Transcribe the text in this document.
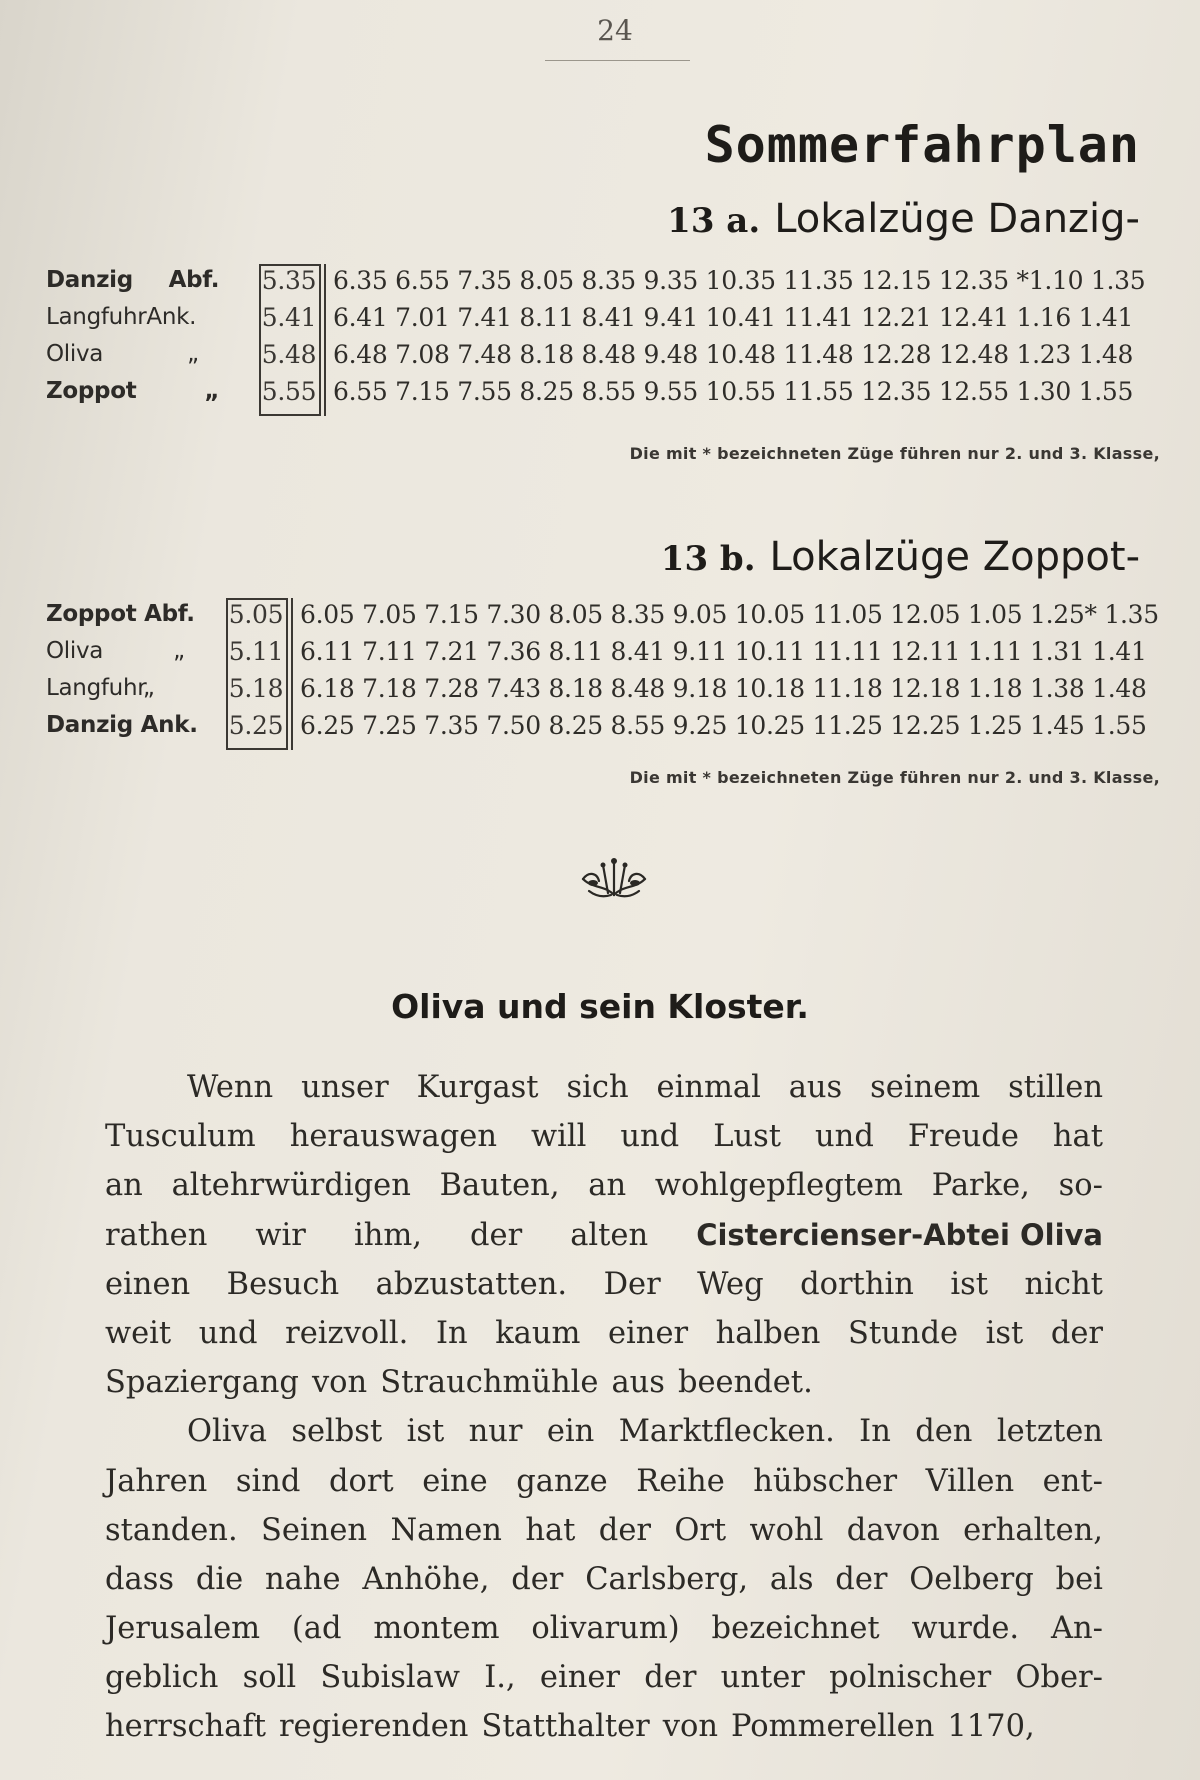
24
Sommerfahrplan
13 a. Lokalzüge Danzig-
Danzig Abf. 5.35 6.35 6.55 7.35 8.05 8.35 9.35 10.35 11.35 12.15 12.35 *1.10 1.35
LangfuhrAnk.	5.41 6.41 7.01 7.41 8.11 8.41 9.41 10.41 11.41 12.21 12.41 1.16 1.41
Oliva	„	5.48 6.48 7.08 7.48 8.18 8.48 9.48 10.48 11.48 12.28 12.48 1.23 1.48
Zoppot	„ 5.55 6.55 7.15 7.55 8.25 8.55 9.55 10.55 11.55 12.35 12.55 1.30 1.55
Die mit * bezeichneten Züge führen nur 2. und 3. Klasse,
13 b. Lokalzüge Zoppot-
Zoppot Abf. 5.05 6.05 7.05 7.15 7.30 8.05 8.35 9.05 10.05 11.05 12.05 1.05 1.25* 1.35
Oliva	„ 5.11 6.11 7.11 7.21 7.36 8.11 8.41 9.11 10.11 11.11 12.11 1.11 1.31 1.41
Langfuhr„	5.18 6.18 7.18 7.28 7.43 8.18 8.48 9.18 10.18 11.18 12.18 1.18 1.38 1.48
Danzig Ank. 5.25 6.25 7.25 7.35 7.50 8.25 8.55 9.25 10.25 11.25 12.25 1.25 1.45 1.55
Die mit * bezeichneten Züge führen nur 2. und 3. Klasse,
Oliva und sein Kloster.
Wenn unser Kurgast sich einmal aus seinem stillen
Tusculum herauswagen will und Lust und Freude hat
an altehrwürdigen Bauten, an wohlgepflegtem Parke, so-
rathen wir ihm, der alten Cistercienser-Abtei Oliva
einen Besuch abzustatten. Der Weg dorthin ist nicht
weit und reizvoll. In kaum einer halben Stunde ist der
Spaziergang von Strauchmühle aus beendet.
Oliva selbst ist nur ein Marktflecken. In den letzten
Jahren sind dort eine ganze Reihe hübscher Villen ent-
standen. Seinen Namen hat der Ort wohl davon erhalten,
dass die nahe Anhöhe, der Carlsberg, als der Oelberg bei
Jerusalem (ad montem olivarum) bezeichnet wurde. An-
geblich soll Subislaw I., einer der unter polnischer Ober-
herrschaft regierenden Statthalter von Pommerellen 1170,
